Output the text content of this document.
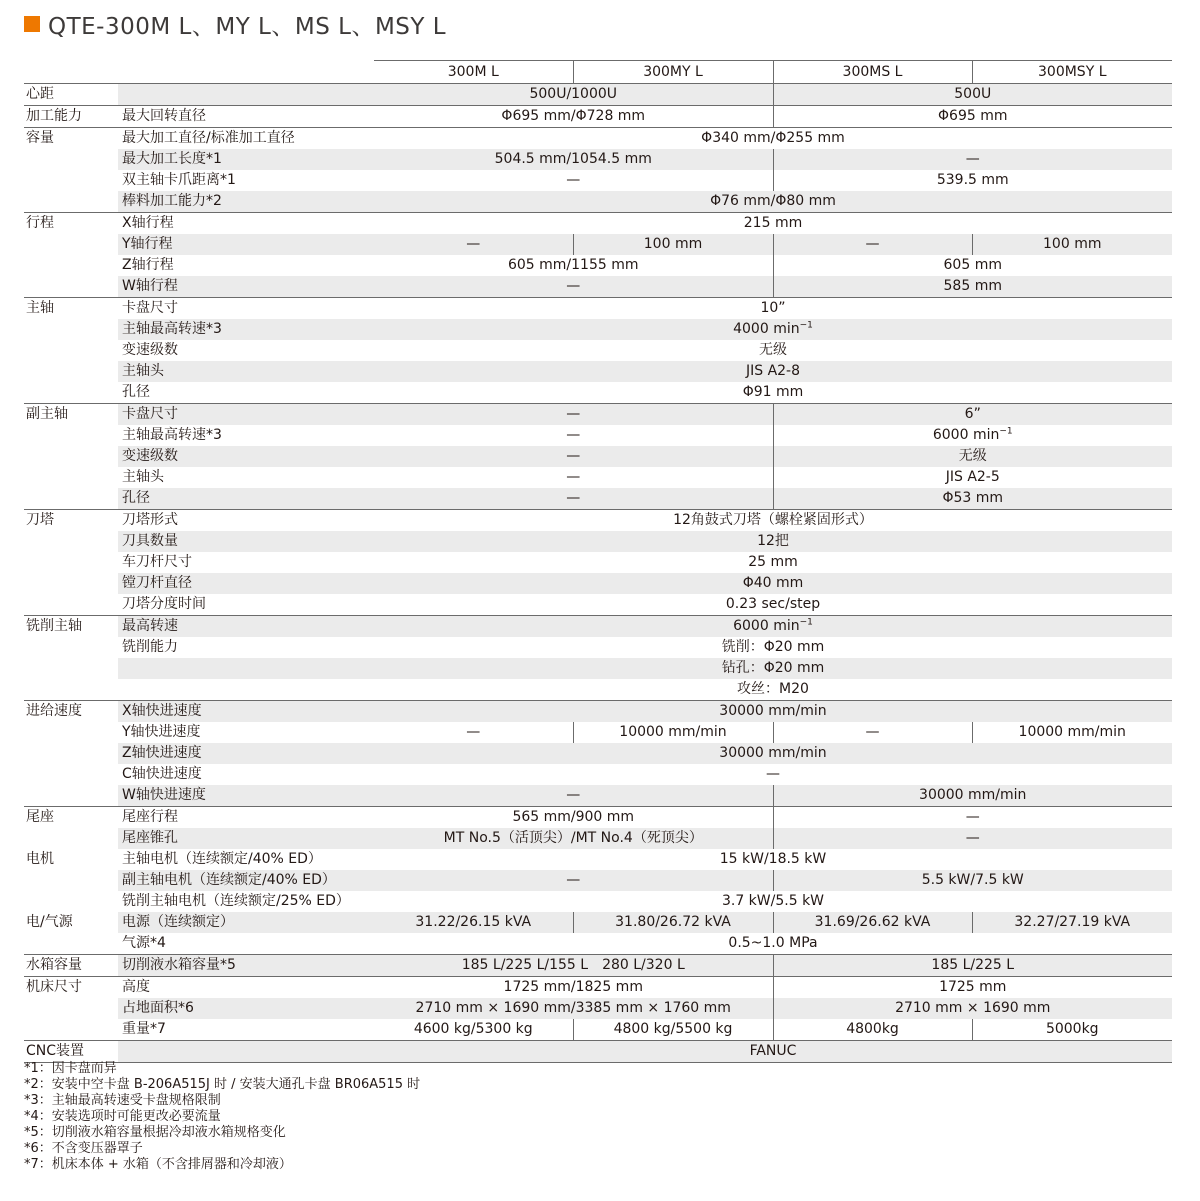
QTE-300M L、MY L、MS L、MSY L
		300M L	300MY L	300MS L	300MSY L
心距		500U/1000U		500U	
加工能力	最大回转直径	Φ695 mm/Φ728 mm		Φ695 mm	
容量	最大加工直径/标准加工直径	Φ340 mm/Φ255 mm			
	最大加工长度*1	504.5 mm/1054.5 mm		—	
	双主轴卡爪距离*1	—		539.5 mm	
	棒料加工能力*2	Φ76 mm/Φ80 mm			
行程	X轴行程	215 mm			
	Y轴行程	—	100 mm	—	100 mm
	Z轴行程	605 mm/1155 mm		605 mm	
	W轴行程	—		585 mm	
主轴	卡盘尺寸	10”			
	主轴最高转速*3	4000 $\min^{-1}$
	变速级数	无级			
	主轴头	JIS A2-8			
	孔径	Φ91 mm			
副主轴	卡盘尺寸	—		6”	
	主轴最高转速*3	—		6000 $\min^{-1}$
	变速级数	—		无级	
	主轴头	—		JIS A2-5	
	孔径	—		Φ53 mm	
刀塔	刀塔形式	12角鼓式刀塔（螺栓紧固形式）			
	刀具数量	12把			
	车刀杆尺寸	25 mm			
	镗刀杆直径	Φ40 mm			
	刀塔分度时间	0.23 sec/step			
铣削主轴	最高转速	6000 $\min^{-1}$
	铣削能力	铣削：Φ20 mm			
		钻孔：Φ20 mm			
		攻丝：M20			
进给速度	X轴快进速度	30000 mm/min			
	Y轴快进速度	—	10000 mm/min	—	10000 mm/min
	Z轴快进速度	30000 mm/min			
	C轴快进速度	—			
	W轴快进速度	—		30000 mm/min	
尾座	尾座行程	565 mm/900 mm		—	
	尾座锥孔	MT No.5（活顶尖）/MT No.4（死顶尖）		—	
电机	主轴电机（连续额定/40% ED）	15 kW/18.5 kW			
	副主轴电机（连续额定/40% ED）	—		5.5 kW/7.5 kW	
	铣削主轴电机（连续额定/25% ED）	3.7 kW/5.5 kW			
电/气源	电源（连续额定）	31.22/26.15 kVA	31.80/26.72 kVA	31.69/26.62 kVA	32.27/27.19 kVA
	气源*4	0.5~1.0 MPa			
水箱容量	切削液水箱容量*5	185 L/225 L/155 L　280 L/320 L		185 L/225 L	
机床尺寸	高度	1725 mm/1825 mm		1725 mm	
	占地面积*6	2710 mm × 1690 mm/3385 mm × 1760 mm		2710 mm × 1690 mm	
	重量*7	4600 kg/5300 kg	4800 kg/5500 kg	4800kg	5000kg
CNC装置		FANUC			
*1：因卡盘而异
*2：安装中空卡盘 B-206A515J 时 / 安装大通孔卡盘 BR06A515 时
*3：主轴最高转速受卡盘规格限制
*4：安装选项时可能更改必要流量
*5：切削液水箱容量根据冷却液水箱规格变化
*6：不含变压器罩子
*7：机床本体 + 水箱（不含排屑器和冷却液）
